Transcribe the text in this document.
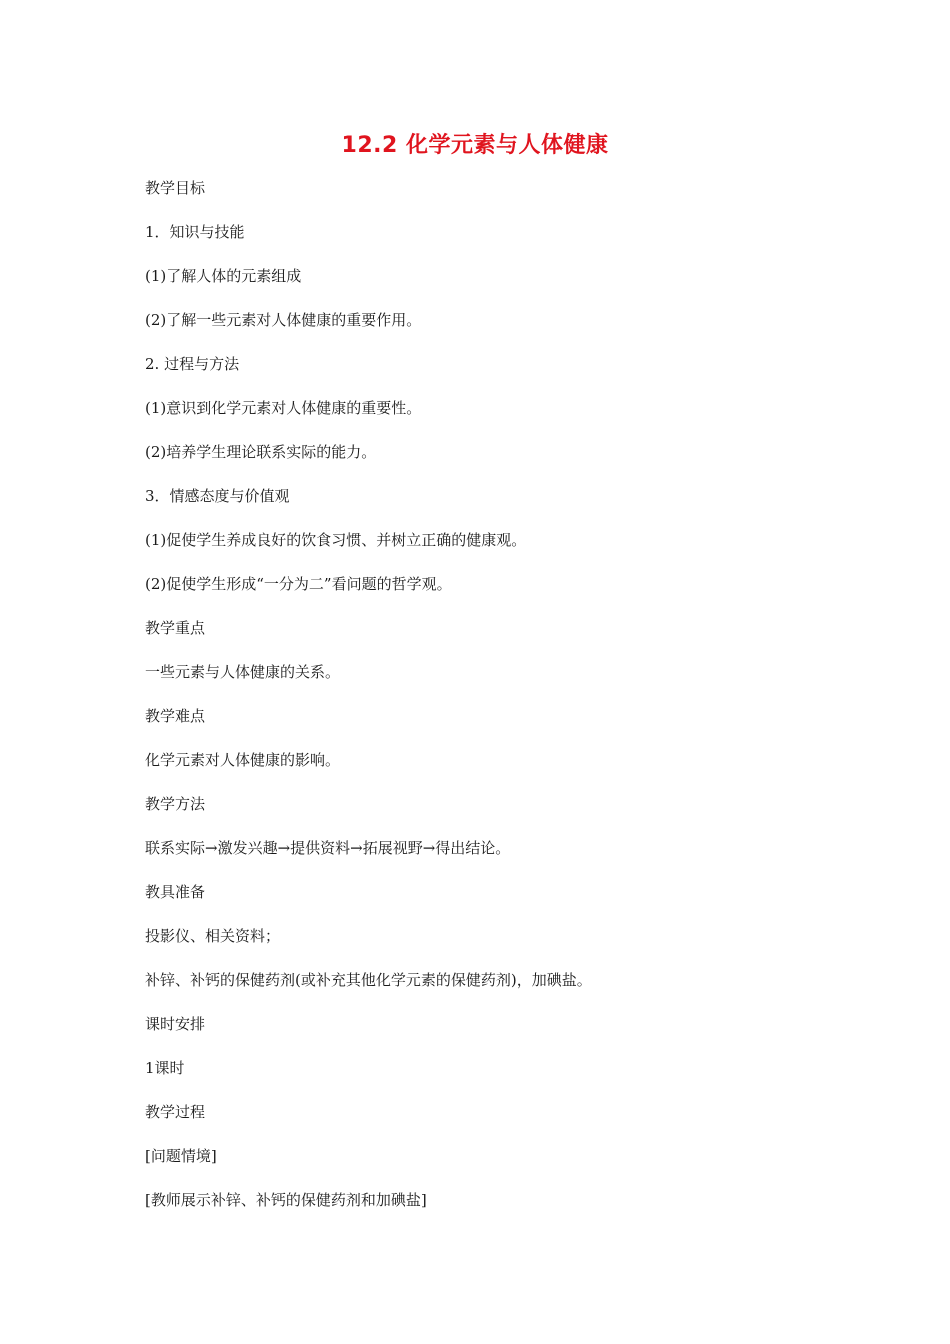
12.2 化学元素与人体健康
教学目标
1．知识与技能
(1)了解人体的元素组成
(2)了解一些元素对人体健康的重要作用。
2. 过程与方法
(1)意识到化学元素对人体健康的重要性。
(2)培养学生理论联系实际的能力。
3．情感态度与价值观
(1)促使学生养成良好的饮食习惯、并树立正确的健康观。
(2)促使学生形成“一分为二”看问题的哲学观。
教学重点
一些元素与人体健康的关系。
教学难点
化学元素对人体健康的影响。
教学方法
联系实际→激发兴趣→提供资料→拓展视野→得出结论。
教具准备
投影仪、相关资料；
补锌、补钙的保健药剂(或补充其他化学元素的保健药剂)，加碘盐。
课时安排
1课时
教学过程
[问题情境]
[教师展示补锌、补钙的保健药剂和加碘盐]
